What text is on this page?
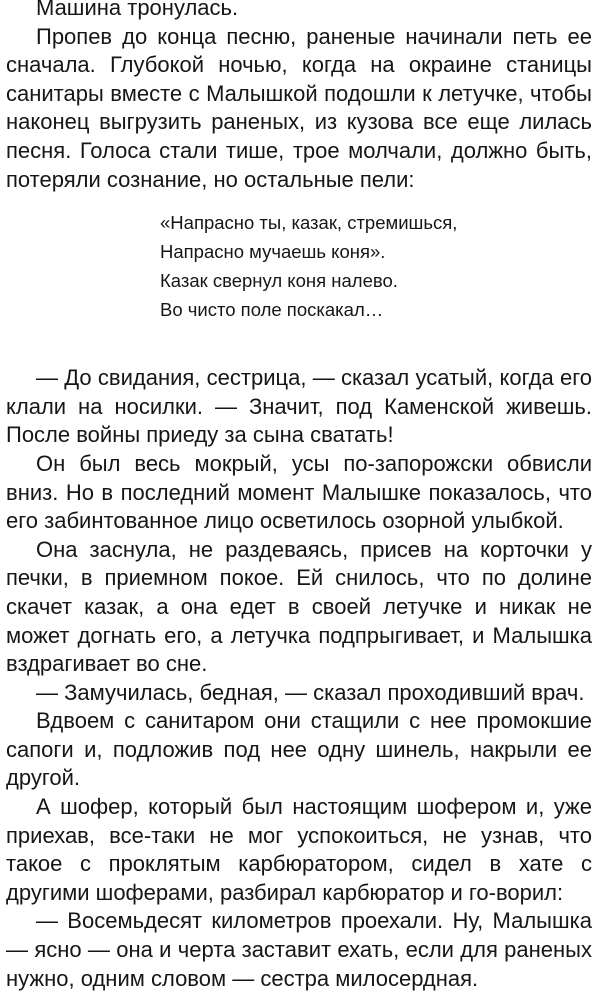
Машина тронулась.

Пропев до конца песню, раненые начинали петь ее сначала. Глубокой ночью, когда на окраине станицы санитары вместе с Малышкой подошли к летучке, чтобы наконец выгрузить раненых, из кузова все еще лилась песня. Голоса стали тише, трое молчали, должно быть, потеряли сознание, но остальные пели:

«Напрасно ты, казак, стремишься,
Напрасно мучаешь коня».
Казак свернул коня налево.
Во чисто поле поскакал…

— До свидания, сестрица, — сказал усатый, когда его клали на носилки. — Значит, под Каменской живешь. После войны приеду за сына сватать!

Он был весь мокрый, усы по-запорожски обвисли вниз. Но в последний момент Малышке показалось, что его забинтованное лицо осветилось озорной улыбкой.

Она заснула, не раздеваясь, присев на корточки у печки, в приемном покое. Ей снилось, что по долине скачет казак, а она едет в своей летучке и никак не может догнать его, а летучка подпрыгивает, и Малышка вздрагивает во сне.

— Замучилась, бедная, — сказал проходивший врач.

Вдвоем с санитаром они стащили с нее промокшие сапоги и, подложив под нее одну шинель, накрыли ее другой.

А шофер, который был настоящим шофером и, уже приехав, все-таки не мог успокоиться, не узнав, что такое с проклятым карбюратором, сидел в хате с другими шоферами, разбирал карбюратор и го-ворил:

— Восемьдесят километров проехали. Ну, Малышка — ясно — она и черта заставит ехать, если для раненых нужно, одним словом — сестра милосердная.
